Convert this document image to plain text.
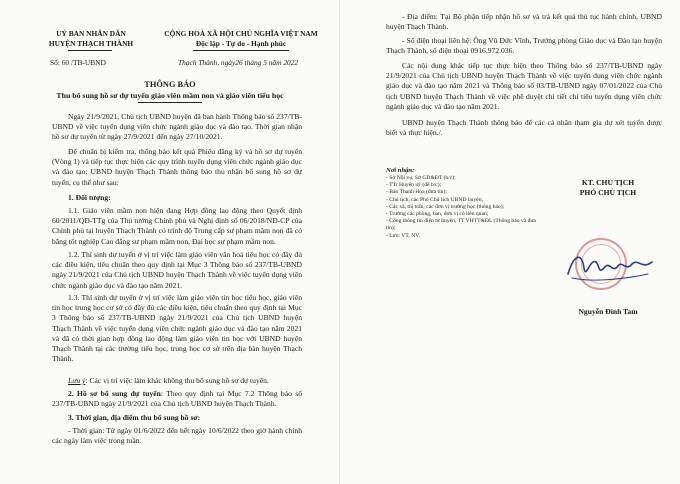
UỶ BAN NHÂN DÂN
HUYỆN THẠCH THÀNH
Số: 60 /TB-UBND
CỘNG HOÀ XÃ HỘI CHỦ NGHĨA VIỆT NAM
Độc lập - Tự do - Hạnh phúc
Thạch Thành, ngày26 tháng 5 năm 2022
THÔNG BÁO
Thu bổ sung hồ sơ dự tuyển giáo viên mầm non và giáo viên tiểu học
Ngày 21/9/2021, Chủ tịch UBND huyện đã ban hành Thông báo số 237/TB-UBND về việc tuyển dụng viên chức ngành giáo dục và đào tạo. Thời gian nhận hồ sơ dự tuyển từ ngày 27/9/2021 đến ngày 27/10/2021.
Để chuẩn bị kiểm tra, thông báo kết quả Phiếu đăng ký và hồ sơ dự tuyển (Vòng 1) và tiếp tục thực hiện các quy trình tuyển dụng viên chức ngành giáo dục và đào tạo; UBND huyện Thạch Thành thông báo thu nhận bổ sung hồ sơ dự tuyển, cụ thể như sau:
1. Đối tượng:
1.1. Giáo viên mầm non hiện đang Hợp đồng lao động theo Quyết định 60/2011/QĐ-TTg của Thủ tướng Chính phủ và Nghị định số 06/2018/NĐ-CP của Chính phủ tại huyện Thạch Thành có trình độ Trung cấp sư phạm mầm non đã có bằng tốt nghiệp Cao đẳng sư phạm mầm non, Đại học sư phạm mầm non.
1.2. Thí sinh dự tuyển ở vị trí việc làm giáo viên văn hoá tiểu học có đầy đủ các điều kiện, tiêu chuẩn theo quy định tại Mục 3 Thông báo số 237/TB-UBND ngày 21/9/2021 của Chủ tịch UBND huyện Thạch Thành về việc tuyển dụng viên chức ngành giáo dục và đào tạo năm 2021.
1.3. Thí sinh dự tuyển ở vị trí việc làm giáo viên tin học tiểu học, giáo viên tin học trung học cơ sở có đầy đủ các điều kiện, tiêu chuẩn theo quy định tại Mục 3 Thông báo số 237/TB-UBND ngày 21/9/2021 của Chủ tịch UBND huyện Thạch Thành về việc tuyển dụng viên chức ngành giáo dục và đào tạo năm 2021 và đã có thời gian hợp đồng lao động làm giáo viên tin học với UBND huyện Thạch Thành tại các trường tiểu học, trung học cơ sở trên địa bàn huyện Thạch Thành.
Lưu ý: Các vị trí việc làm khác không thu bổ sung hồ sơ dự tuyển.
2. Hồ sơ bổ sung dự tuyển: Theo quy định tại Mục 7.2 Thông báo số 237/TB-UBND ngày 21/9/2021 của Chủ tịch UBND huyện Thạch Thành.
3. Thời gian, địa điểm thu bổ sung hồ sơ:
- Thời gian: Từ ngày 01/6/2022 đến hết ngày 10/6/2022 theo giờ hành chính các ngày làm việc trong tuần.
- Địa điểm: Tại Bộ phận tiếp nhận hồ sơ và trả kết quả thủ tục hành chính, UBND huyện Thạch Thành.
- Số điện thoại liên hệ: Ông Vũ Đức Vĩnh, Trưởng phòng Giáo dục và Đào tạo huyện Thạch Thành, số điện thoại 0916.972.036.
Các nội dung khác tiếp tục thực hiện theo Thông báo số 237/TB-UBND ngày 21/9/2021 của Chủ tịch UBND huyện Thạch Thành về việc tuyển dụng viên chức ngành giáo dục và đào tạo năm 2021 và Thông báo số 03/TB-UBND ngày 07/01/2022 của Chủ tịch UBND huyện Thạch Thành về việc phê duyệt chi tiết chỉ tiêu tuyển dụng viên chức ngành giáo dục và đào tạo năm 2021.
UBND huyện Thạch Thành thông báo để các cá nhân tham gia dự xét tuyển được biết và thực hiện./.
Nơi nhận:
- Sở Nội vụ, Sở GD&ĐT (b/c);
- TTr Huyện uỷ (để b/c);
- Báo Thanh Hóa (đưa tin);
- Chủ tịch, các Phó Chủ tịch UBND huyện;
- Các xã, thị trấn, các đơn vị trường học (thông báo);
- Trường các phòng, ban, đơn vị có liên quan;
- Cổng thông tin điện tử huyện, TT VHTT&ĐL (Thông báo và đưa tin);
- Lưu: VT, NV.
KT. CHỦ TỊCH
PHÓ CHỦ TỊCH
Nguyễn Đình Tam
